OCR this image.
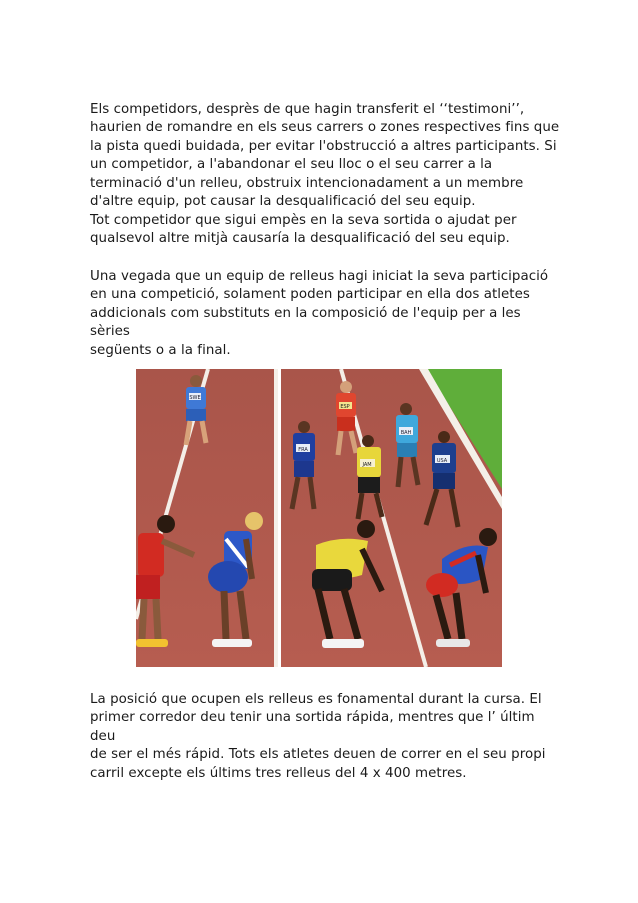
Els competidors, desprès de que hagin transferit el ‘‘testimoni’’,
haurien de romandre en els seus carrers o zones respectives fins que
la pista quedi buidada, per evitar l'obstrucció a altres participants. Si
un competidor, a l'abandonar el seu lloc o el seu carrer a la
terminació d'un relleu, obstruix intencionadament a un membre
d'altre equip, pot causar la desqualificació del seu equip.
Tot competidor que sigui empès en la seva sortida o ajudat per
qualsevol altre mitjà causaría la desqualificació del seu equip.
Una vegada que un equip de relleus hagi iniciat la seva participació
en una competició, solament poden participar en ella dos atletes
addicionals com substituts en la composició de l'equip per a les sèries
següents o a la final.
SWE
ESP
BAH
FRA
JAM
USA
La posició que ocupen els relleus es fonamental durant la cursa. El
primer corredor deu tenir una sortida rápida, mentres que l’ últim deu
de ser el més rápid. Tots els atletes deuen de correr en el seu propi
carril excepte els últims tres relleus del 4 x 400 metres.
